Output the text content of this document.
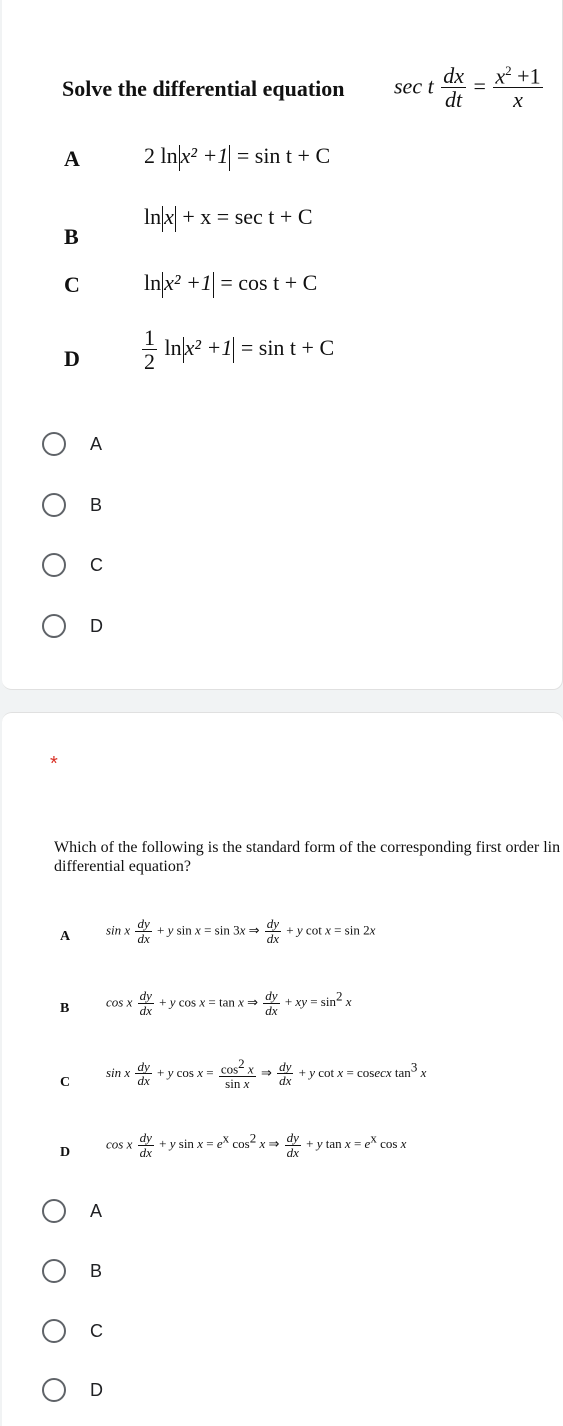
Solve the differential equation sec t $\frac{dx}{dt} = \frac{x^2 +1}{x}$
A	2 ln x² +1 = sin t + C
B
ln x + x = sec t + C
C	ln x² +1 = cos t + C
D	$\frac{1}{2}$ ln x² +1 = sin t + C
A
B
C
D
*
Which of the following is the standard form of the corresponding first order lin
differential equation?
A	sin x $\frac{dy}{dx} + y$ sin x = sin 3x ⇒ $\frac{dy}{dx} + y$ cot x = sin 2x
B	cos x $\frac{dy}{dx} + y$ cos x = tan x ⇒ $\frac{dy}{dx}$ + xy = $\sin^2 x$
C
sin x $\frac{dy}{dx} + y$ $\cos x = \frac{\cos^2 x}{\text{sin x}}$ ⇒ $\frac{dy}{dx} + y$ cot x = cosecx $\tan^3 x$
D
cos x $\frac{dy}{dx} + y$ $\sin x = e^x$ $\cos^2 x$ ⇒ $\frac{dy}{dx} + y$ $\tan x = e^x$ cos x
A
B
C
D
